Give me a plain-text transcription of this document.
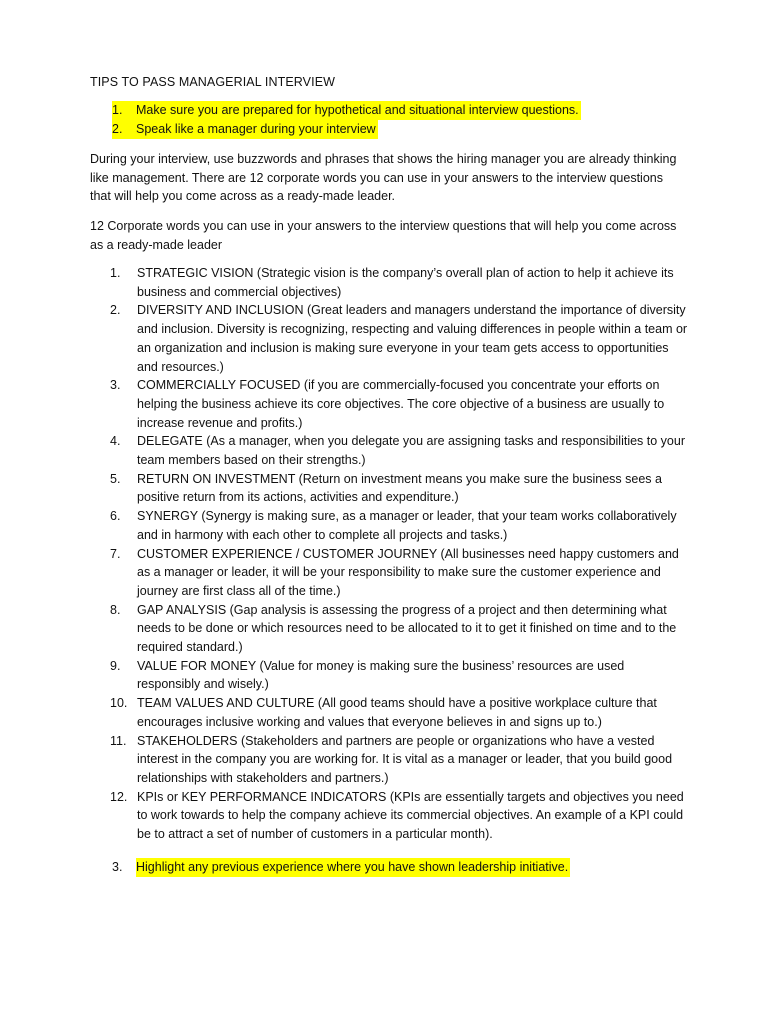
TIPS TO PASS MANAGERIAL INTERVIEW
1.	Make sure you are prepared for hypothetical and situational interview questions.
2.	Speak like a manager during your interview

During your interview, use buzzwords and phrases that shows the hiring manager you are already thinking like management. There are 12 corporate words you can use in your answers to the interview questions that will help you come across as a ready-made leader.

12 Corporate words you can use in your answers to the interview questions that will help you come across as a ready-made leader

1.	STRATEGIC VISION (Strategic vision is the company’s overall plan of action to help it achieve its business and commercial objectives)
2.	DIVERSITY AND INCLUSION (Great leaders and managers understand the importance of diversity and inclusion. Diversity is recognizing, respecting and valuing differences in people within a team or an organization and inclusion is making sure everyone in your team gets access to opportunities and resources.)
3.	COMMERCIALLY FOCUSED (if you are commercially-focused you concentrate your efforts on helping the business achieve its core objectives. The core objective of a business are usually to increase revenue and profits.)
4.	DELEGATE (As a manager, when you delegate you are assigning tasks and responsibilities to your team members based on their strengths.)
5.	RETURN ON INVESTMENT (Return on investment means you make sure the business sees a positive return from its actions, activities and expenditure.)
6.	SYNERGY (Synergy is making sure, as a manager or leader, that your team works collaboratively and in harmony with each other to complete all projects and tasks.)
7.	CUSTOMER EXPERIENCE / CUSTOMER JOURNEY (All businesses need happy customers and as a manager or leader, it will be your responsibility to make sure the customer experience and journey are first class all of the time.)
8.	GAP ANALYSIS (Gap analysis is assessing the progress of a project and then determining what needs to be done or which resources need to be allocated to it to get it finished on time and to the required standard.)
9.	VALUE FOR MONEY (Value for money is making sure the business’ resources are used responsibly and wisely.)
10. TEAM VALUES AND CULTURE (All good teams should have a positive workplace culture that encourages inclusive working and values that everyone believes in and signs up to.)
11. STAKEHOLDERS (Stakeholders and partners are people or organizations who have a vested interest in the company you are working for. It is vital as a manager or leader, that you build good relationships with stakeholders and partners.)
12. KPIs or KEY PERFORMANCE INDICATORS (KPIs are essentially targets and objectives you need to work towards to help the company achieve its commercial objectives. An example of a KPI could be to attract a set of number of customers in a particular month).
3.	Highlight any previous experience where you have shown leadership initiative.
